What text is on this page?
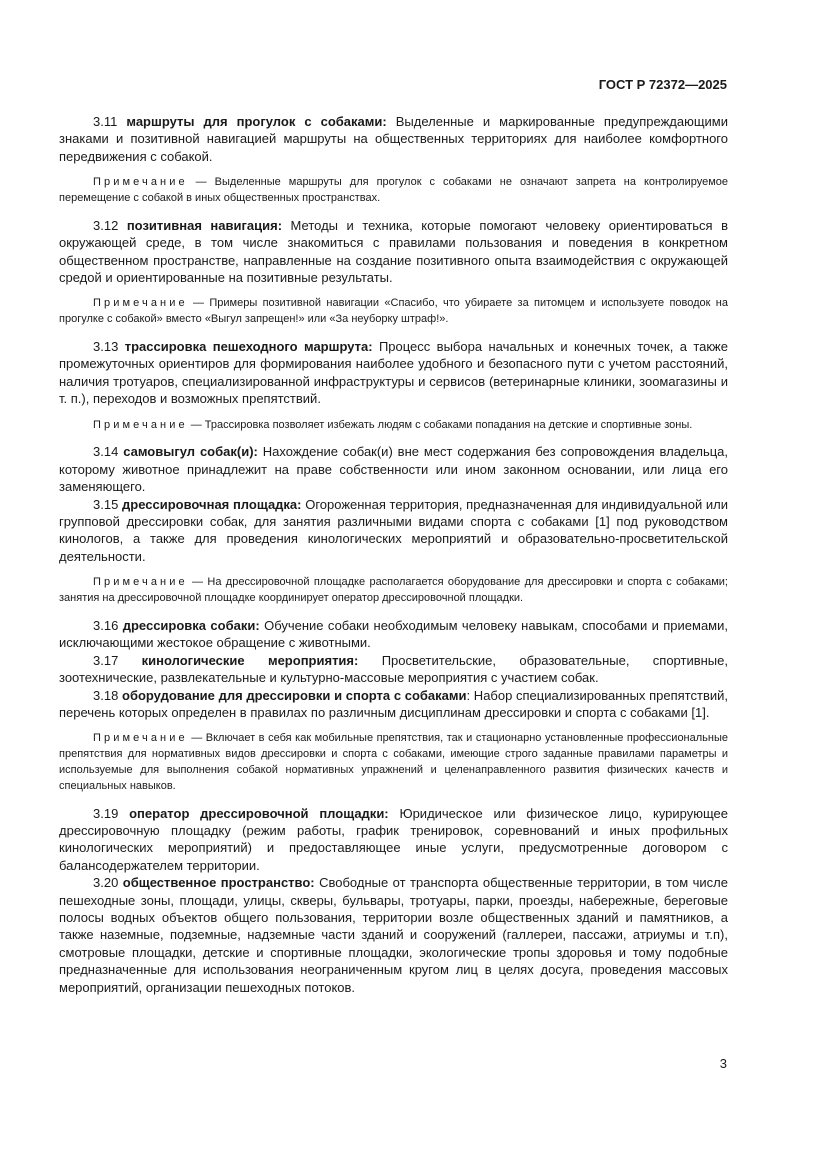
ГОСТ Р 72372—2025

3.11 маршруты для прогулок с собаками: Выделенные и маркированные предупреждающими знаками и позитивной навигацией маршруты на общественных территориях для наиболее комфортного передвижения с собакой.

Примечание — Выделенные маршруты для прогулок с собаками не означают запрета на контролируемое перемещение с собакой в иных общественных пространствах.

3.12 позитивная навигация: Методы и техника, которые помогают человеку ориентироваться в окружающей среде, в том числе знакомиться с правилами пользования и поведения в конкретном общественном пространстве, направленные на создание позитивного опыта взаимодействия с окружающей средой и ориентированные на позитивные результаты.

Примечание — Примеры позитивной навигации «Спасибо, что убираете за питомцем и используете поводок на прогулке с собакой» вместо «Выгул запрещен!» или «За неуборку штраф!».

3.13 трассировка пешеходного маршрута: Процесс выбора начальных и конечных точек, а также промежуточных ориентиров для формирования наиболее удобного и безопасного пути с учетом расстояний, наличия тротуаров, специализированной инфраструктуры и сервисов (ветеринарные клиники, зоомагазины и т. п.), переходов и возможных препятствий.

Примечание — Трассировка позволяет избежать людям с собаками попадания на детские и спортивные зоны.

3.14 самовыгул собак(и): Нахождение собак(и) вне мест содержания без сопровождения владельца, которому животное принадлежит на праве собственности или ином законном основании, или лица его заменяющего.

3.15 дрессировочная площадка: Огороженная территория, предназначенная для индивидуальной или групповой дрессировки собак, для занятия различными видами спорта с собаками [1] под руководством кинологов, а также для проведения кинологических мероприятий и образовательно-просветительской деятельности.

Примечание — На дрессировочной площадке располагается оборудование для дрессировки и спорта с собаками; занятия на дрессировочной площадке координирует оператор дрессировочной площадки.

3.16 дрессировка собаки: Обучение собаки необходимым человеку навыкам, способами и приемами, исключающими жестокое обращение с животными.

3.17 кинологические мероприятия: Просветительские, образовательные, спортивные, зоотехнические, развлекательные и культурно-массовые мероприятия с участием собак.

3.18 оборудование для дрессировки и спорта с собаками: Набор специализированных препятствий, перечень которых определен в правилах по различным дисциплинам дрессировки и спорта с собаками [1].

Примечание — Включает в себя как мобильные препятствия, так и стационарно установленные профессиональные препятствия для нормативных видов дрессировки и спорта с собаками, имеющие строго заданные правилами параметры и используемые для выполнения собакой нормативных упражнений и целенаправленного развития физических качеств и специальных навыков.

3.19 оператор дрессировочной площадки: Юридическое или физическое лицо, курирующее дрессировочную площадку (режим работы, график тренировок, соревнований и иных профильных кинологических мероприятий) и предоставляющее иные услуги, предусмотренные договором с балансодержателем территории.

3.20 общественное пространство: Свободные от транспорта общественные территории, в том числе пешеходные зоны, площади, улицы, скверы, бульвары, тротуары, парки, проезды, набережные, береговые полосы водных объектов общего пользования, территории возле общественных зданий и памятников, а также наземные, подземные, надземные части зданий и сооружений (галлереи, пассажи, атриумы и т.п), смотровые площадки, детские и спортивные площадки, экологические тропы здоровья и тому подобные предназначенные для использования неограниченным кругом лиц в целях досуга, проведения массовых мероприятий, организации пешеходных потоков.

3
